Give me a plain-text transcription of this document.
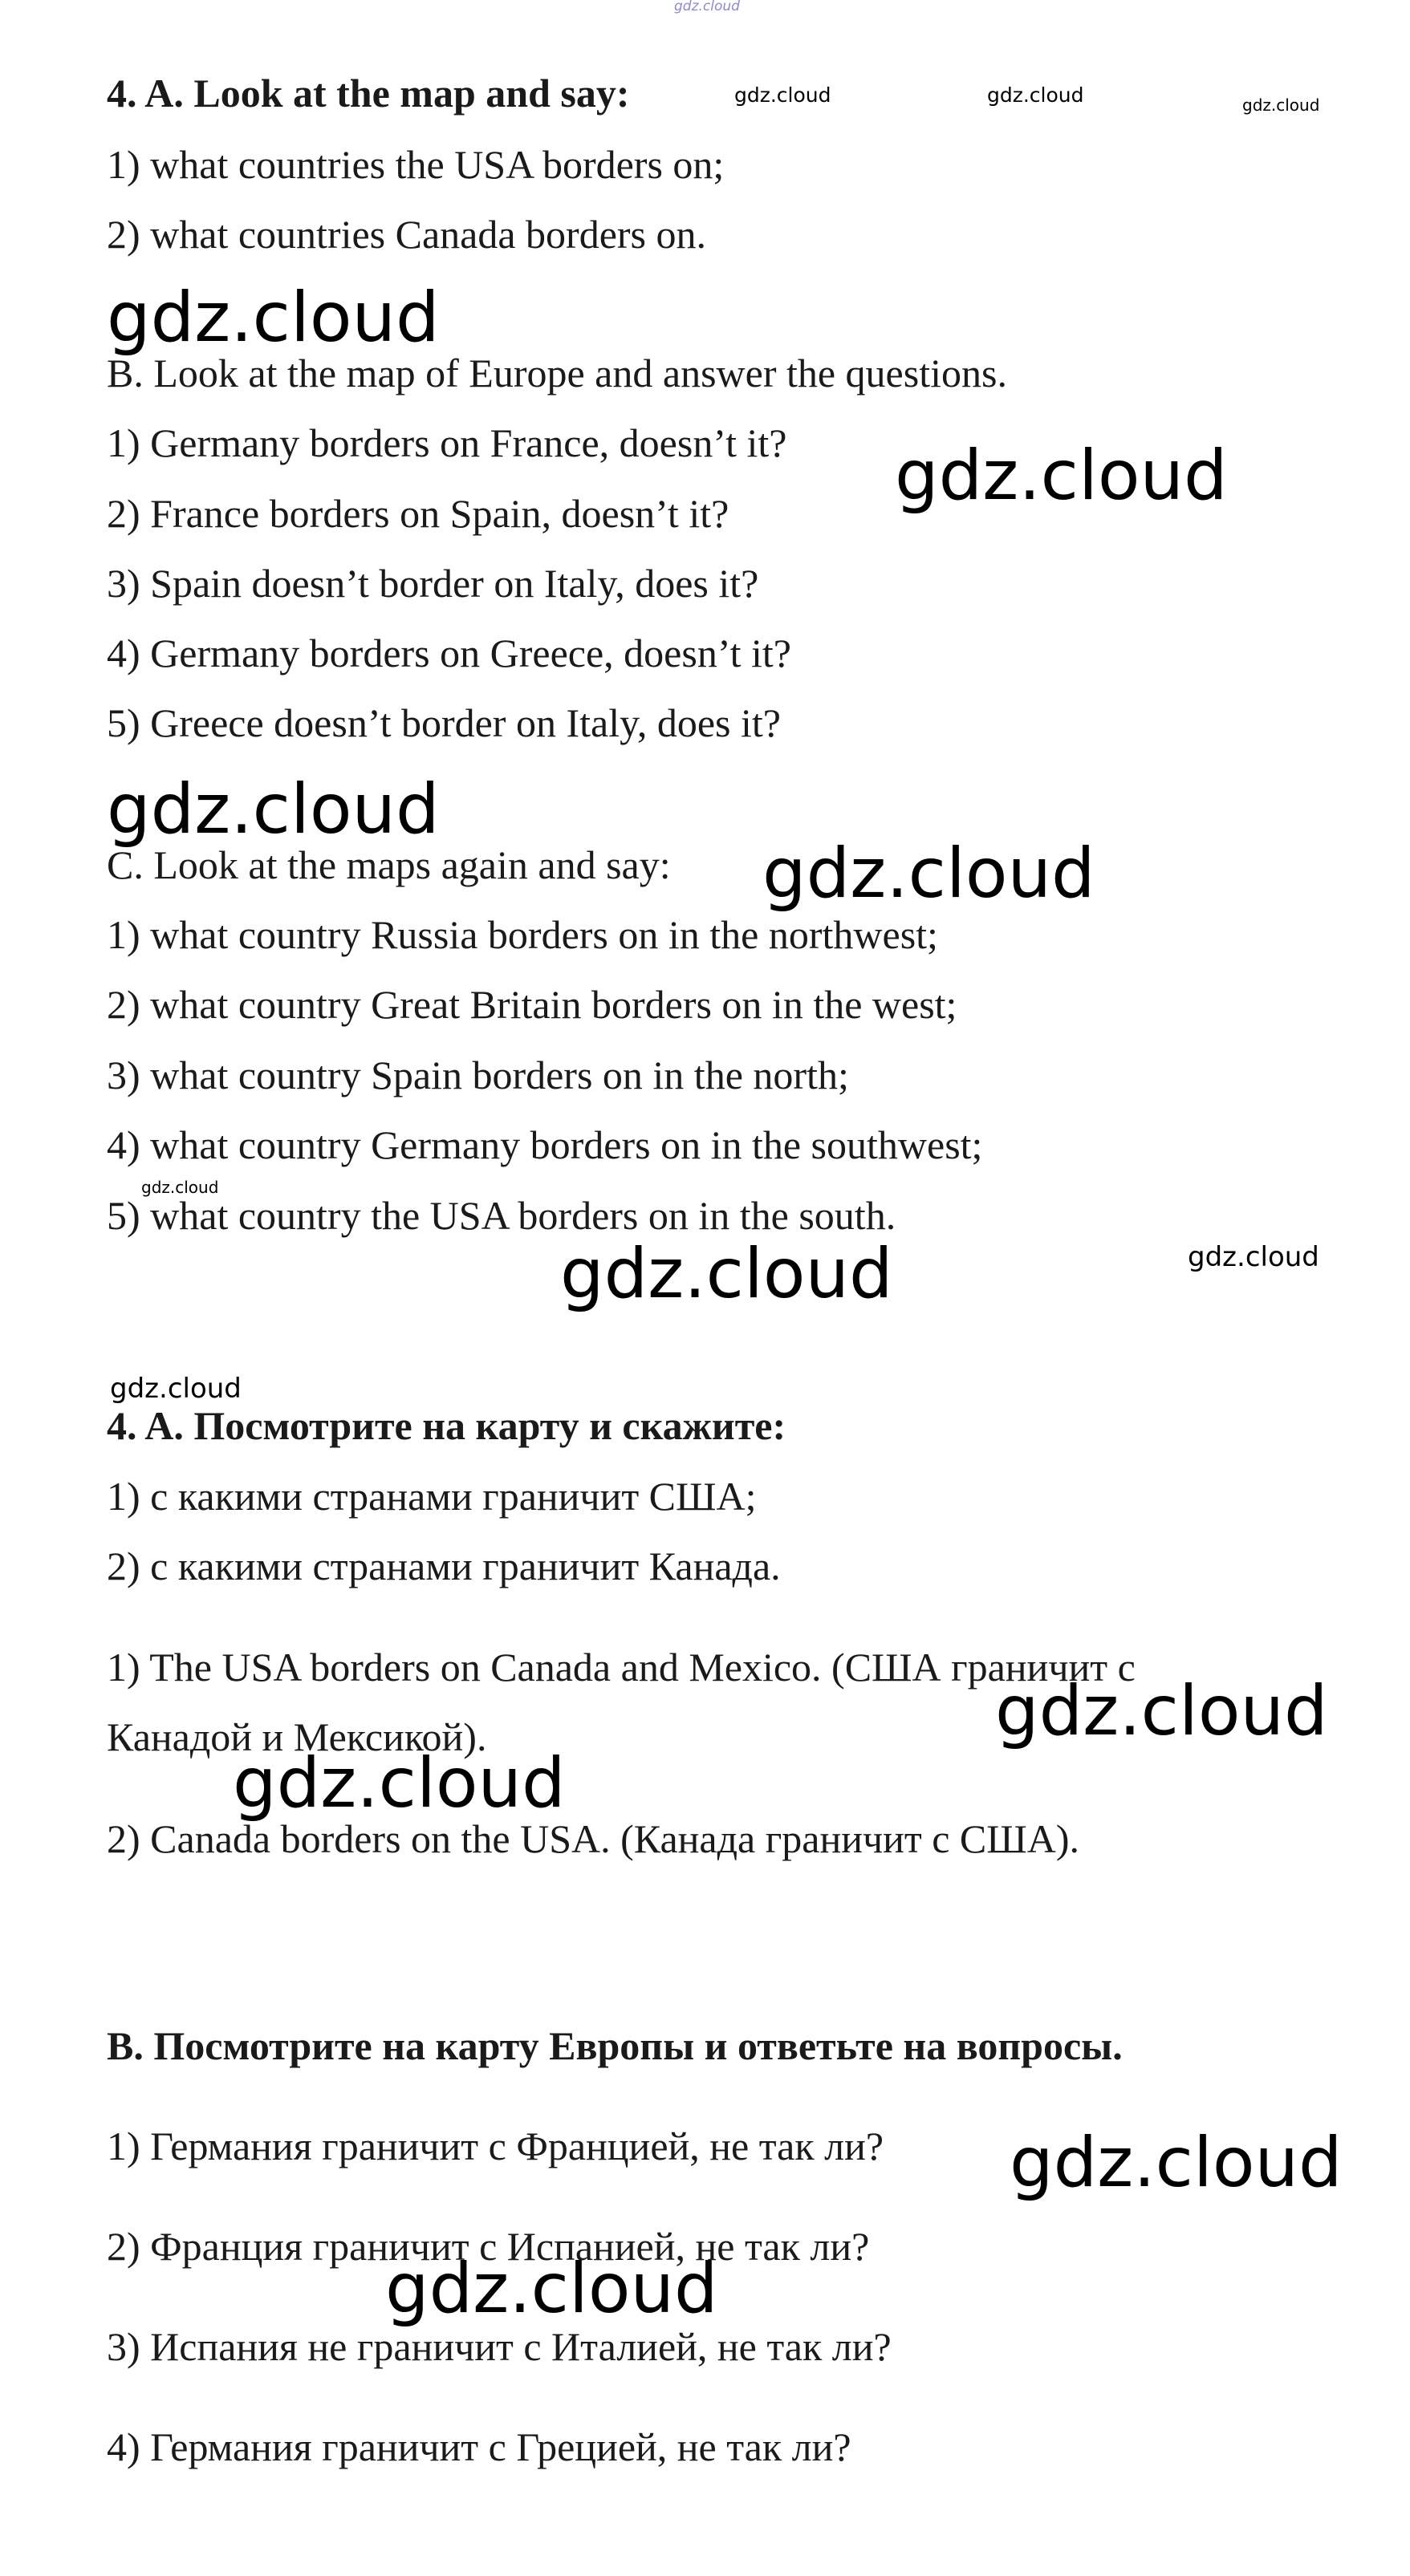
gdz.cloud
4. A. Look at the map and say:	gdz.cloud	gdz.cloud	gdz.cloud
1) what countries the USA borders on;
2) what countries Canada borders on.
gdz.cloud
B. Look at the map of Europe and answer the questions.
1) Germany borders on France, doesn’t it? gdz.cloud
2) France borders on Spain, doesn’t it?
3) Spain doesn’t border on Italy, does it?
4) Germany borders on Greece, doesn’t it?
5) Greece doesn’t border on Italy, does it?
gdz.cloud
C. Look at the maps again and say: gdz.cloud
1) what country Russia borders on in the northwest;
2) what country Great Britain borders on in the west;
3) what country Spain borders on in the north;
4) what country Germany borders on in the southwest;
gdz.cloud
5) what country the USA borders on in the south.
gdz.cloud	gdz.cloud
gdz.cloud
4. A. Посмотрите на карту и скажите:
1) с какими странами граничит США;
2) с какими странами граничит Канада.
1) The USA borders on Canada and Mexico. (США граничит с
gdz.cloud
Канадой и Мексикой).
gdz.cloud
2) Canada borders on the USA. (Канада граничит с США).
B. Посмотрите на карту Европы и ответьте на вопросы.
1) Германия граничит с Францией, не так ли? gdz.cloud
2) Франция граничит с Испанией, не так ли?
gdz.cloud
3) Испания не граничит с Италией, не так ли?
4) Германия граничит с Грецией, не так ли?
